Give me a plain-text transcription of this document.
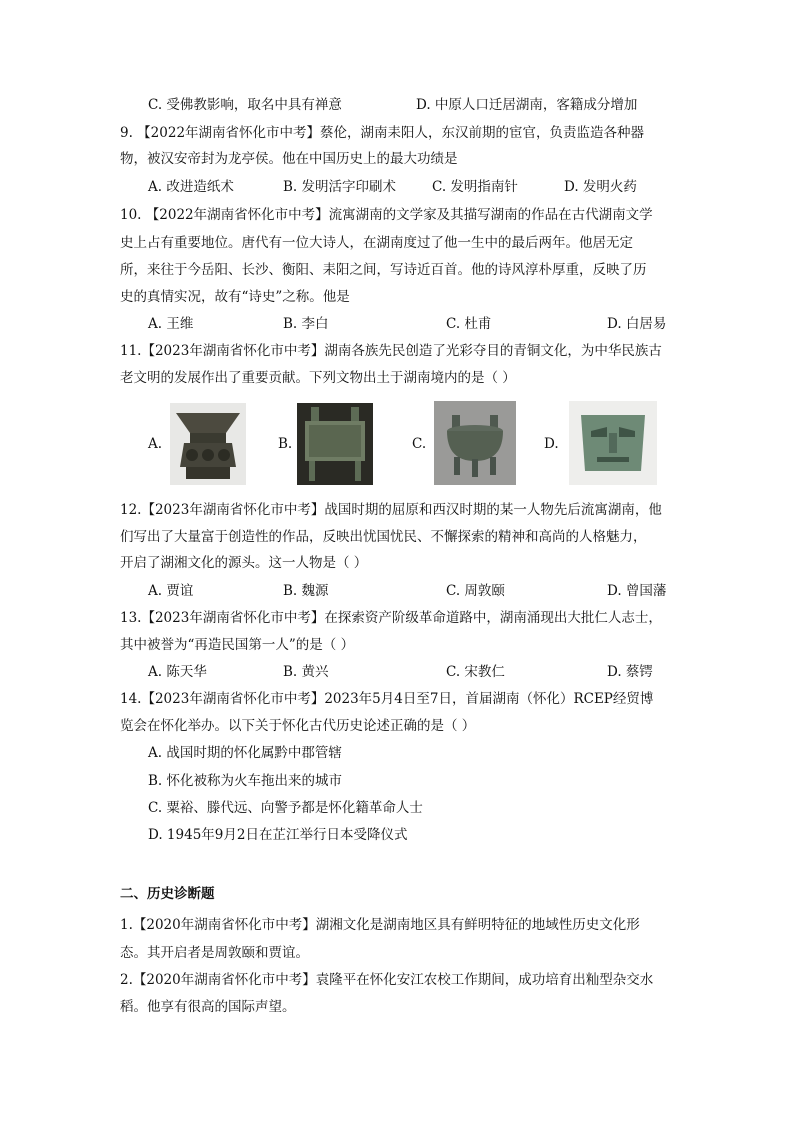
C. 受佛教影响，取名中具有禅意	D. 中原人口迁居湖南，客籍成分增加
9. 【2022年湖南省怀化市中考】蔡伦，湖南耒阳人，东汉前期的宦官，负责监造各种器
物，被汉安帝封为龙亭侯。他在中国历史上的最大功绩是
A. 改进造纸术	B. 发明活字印刷术	C. 发明指南针	D. 发明火药
10. 【2022年湖南省怀化市中考】流寓湖南的文学家及其描写湖南的作品在古代湖南文学
史上占有重要地位。唐代有一位大诗人，在湖南度过了他一生中的最后两年。他居无定
所，来往于今岳阳、长沙、衡阳、耒阳之间，写诗近百首。他的诗风淳朴厚重，反映了历
史的真情实况，故有“诗史”之称。他是
A. 王维	B. 李白	C. 杜甫	D. 白居易
11.【2023年湖南省怀化市中考】湖南各族先民创造了光彩夺目的青铜文化，为中华民族古
老文明的发展作出了重要贡献。下列文物出土于湖南境内的是（ ）
A.	B.	C.	D.
12.【2023年湖南省怀化市中考】战国时期的屈原和西汉时期的某一人物先后流寓湖南，他
们写出了大量富于创造性的作品，反映出忧国忧民、不懈探索的精神和高尚的人格魅力，
开启了湖湘文化的源头。这一人物是（ ）
A. 贾谊	B. 魏源	C. 周敦颐	D. 曾国藩
13.【2023年湖南省怀化市中考】在探索资产阶级革命道路中，湖南涌现出大批仁人志士，
其中被誉为“再造民国第一人”的是（ ）
A. 陈天华	B. 黄兴	C. 宋教仁	D. 蔡锷
14.【2023年湖南省怀化市中考】2023年5月4日至7日，首届湖南（怀化）RCEP经贸博
览会在怀化举办。以下关于怀化古代历史论述正确的是（ ）
A. 战国时期的怀化属黔中郡管辖
B. 怀化被称为火车拖出来的城市
C. 粟裕、滕代远、向警予都是怀化籍革命人士
D. 1945年9月2日在芷江举行日本受降仪式
二、历史诊断题
1.【2020年湖南省怀化市中考】湖湘文化是湖南地区具有鲜明特征的地域性历史文化形
态。其开启者是周敦颐和贾谊。
2.【2020年湖南省怀化市中考】袁隆平在怀化安江农校工作期间，成功培育出籼型杂交水
稻。他享有很高的国际声望。
